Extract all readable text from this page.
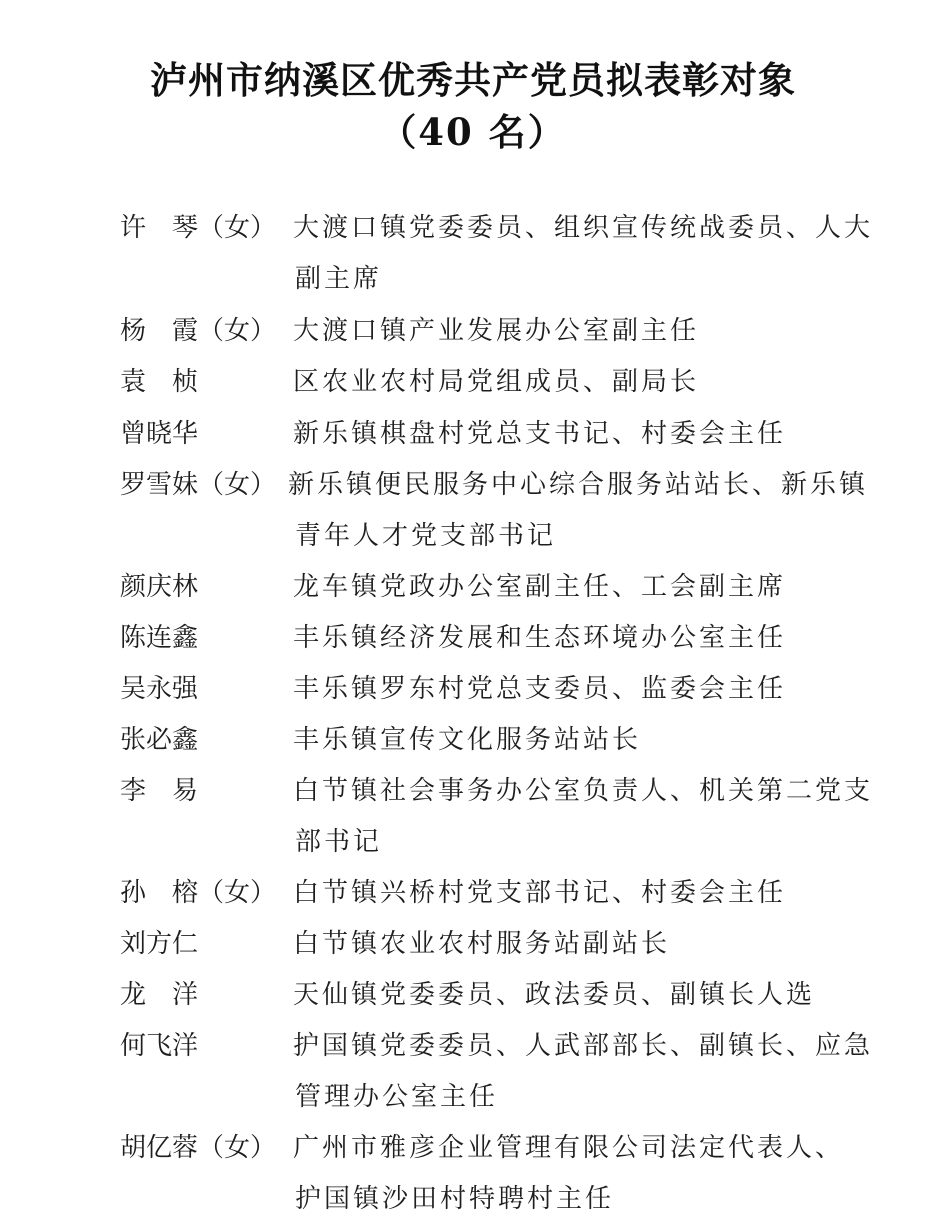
泸州市纳溪区优秀共产党员拟表彰对象
（40 名）
许　琴（女） 大渡口镇党委委员、组织宣传统战委员、人大
副主席
杨　霞（女） 大渡口镇产业发展办公室副主任
袁　桢	区农业农村局党组成员、副局长
曾晓华	新乐镇棋盘村党总支书记、村委会主任
罗雪妹（女） 新乐镇便民服务中心综合服务站站长、新乐镇
青年人才党支部书记
颜庆林	龙车镇党政办公室副主任、工会副主席
陈连鑫	丰乐镇经济发展和生态环境办公室主任
吴永强	丰乐镇罗东村党总支委员、监委会主任
张必鑫	丰乐镇宣传文化服务站站长
李　易	白节镇社会事务办公室负责人、机关第二党支
部书记
孙　榕（女） 白节镇兴桥村党支部书记、村委会主任
刘方仁	白节镇农业农村服务站副站长
龙　洋	天仙镇党委委员、政法委员、副镇长人选
何飞洋	护国镇党委委员、人武部部长、副镇长、应急
管理办公室主任
胡亿蓉（女） 广州市雅彦企业管理有限公司法定代表人、
护国镇沙田村特聘村主任
